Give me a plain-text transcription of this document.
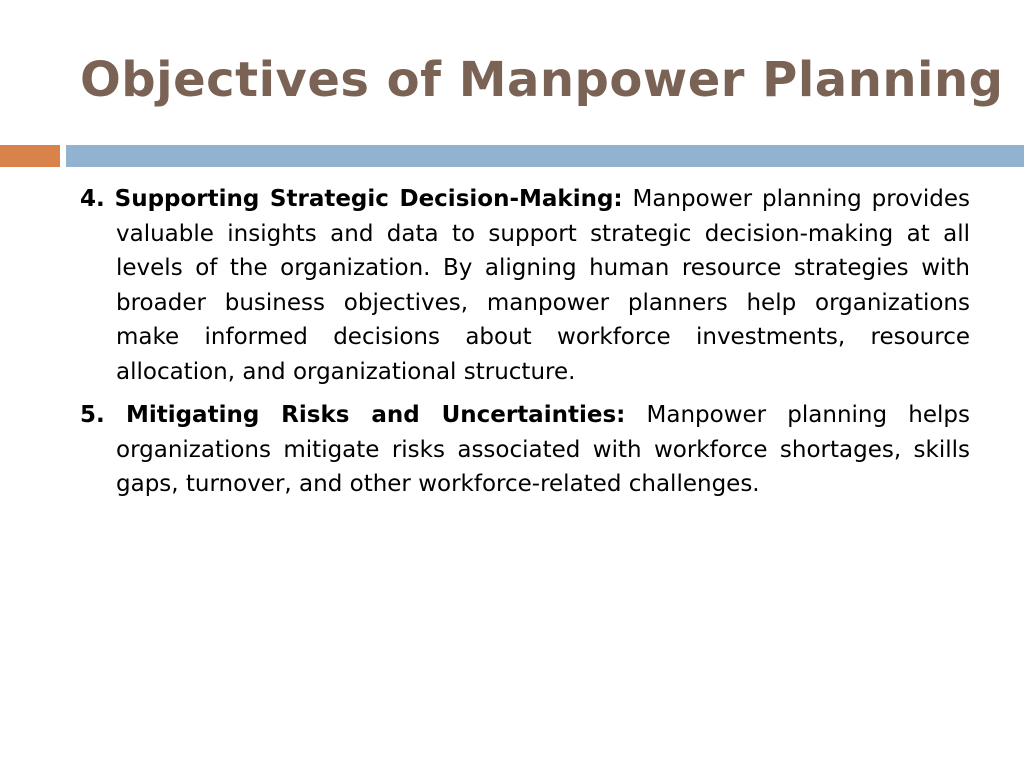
Objectives of Manpower Planning

4. Supporting Strategic Decision-Making: Manpower planning provides valuable insights and data to support strategic decision-making at all levels of the organization. By aligning human resource strategies with broader business objectives, manpower planners help organizations make informed decisions about workforce investments, resource allocation, and organizational structure.

5. Mitigating Risks and Uncertainties: Manpower planning helps organizations mitigate risks associated with workforce shortages, skills gaps, turnover, and other workforce-related challenges.
